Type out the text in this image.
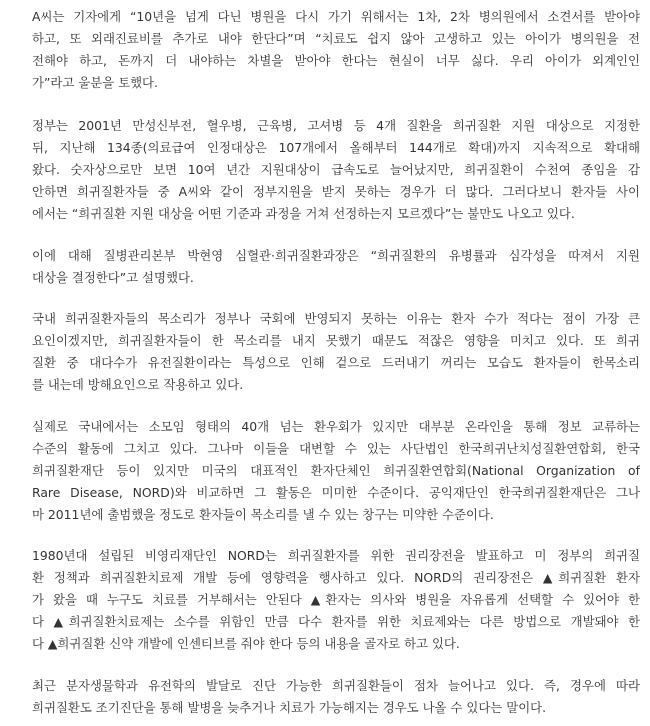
A씨는 기자에게 “10년을 넘게 다닌 병원을 다시 가기 위해서는 1차, 2차 병의원에서 소견서를 받아야
하고, 또 외래진료비를 추가로 내야 한단다”며 “치료도 쉽지 않아 고생하고 있는 아이가 병의원을 전
전해야 하고, 돈까지 더 내야하는 차별을 받아야 한다는 현실이 너무 싫다. 우리 아이가 외계인인
가”라고 울분을 토했다.
정부는 2001년 만성신부전, 혈우병, 근육병, 고셔병 등 4개 질환을 희귀질환 지원 대상으로 지정한
뒤, 지난해 134종(의료급여 인정대상은 107개에서 올해부터 144개로 확대)까지 지속적으로 확대해
왔다. 숫자상으로만 보면 10여 년간 지원대상이 급속도로 늘어났지만, 희귀질환이 수천여 종임을 감
안하면 희귀질환자들 중 A씨와 같이 정부지원을 받지 못하는 경우가 더 많다. 그러다보니 환자들 사이
에서는 “희귀질환 지원 대상을 어떤 기준과 과정을 거쳐 선정하는지 모르겠다”는 불만도 나오고 있다.
이에 대해 질병관리본부 박현영 심혈관·희귀질환과장은 “희귀질환의 유병률과 심각성을 따져서 지원
대상을 결정한다”고 설명했다.
국내 희귀질환자들의 목소리가 정부나 국회에 반영되지 못하는 이유는 환자 수가 적다는 점이 가장 큰
요인이겠지만, 희귀질환자들이 한 목소리를 내지 못했기 때문도 적잖은 영향을 미치고 있다. 또 희귀
질환 중 대다수가 유전질환이라는 특성으로 인해 겉으로 드러내기 꺼리는 모습도 환자들이 한목소리
를 내는데 방해요인으로 작용하고 있다.
실제로 국내에서는 소모임 형태의 40개 넘는 환우회가 있지만 대부분 온라인을 통해 정보 교류하는
수준의 활동에 그치고 있다. 그나마 이들을 대변할 수 있는 사단법인 한국희귀난치성질환연합회, 한국
희귀질환재단 등이 있지만 미국의 대표적인 환자단체인 희귀질환연합회(National Organization of
Rare Disease, NORD)와 비교하면 그 활동은 미미한 수준이다. 공익재단인 한국희귀질환재단은 그나
마 2011년에 출범했을 정도로 환자들이 목소리를 낼 수 있는 창구는 미약한 수준이다.
1980년대 설립된 비영리재단인 NORD는 희귀질환자를 위한 권리장전을 발표하고 미 정부의 희귀질
환 정책과 희귀질환치료제 개발 등에 영향력을 행사하고 있다. NORD의 권리장전은 ▲희귀질환 환자
가 왔을 때 누구도 치료를 거부해서는 안된다 ▲환자는 의사와 병원을 자유롭게 선택할 수 있어야 한
다 ▲희귀질환치료제는 소수를 위함인 만큼 다수 환자를 위한 치료제와는 다른 방법으로 개발돼야 한
다 ▲희귀질환 신약 개발에 인센티브를 줘야 한다 등의 내용을 골자로 하고 있다.
최근 분자생물학과 유전학의 발달로 진단 가능한 희귀질환들이 점차 늘어나고 있다. 즉, 경우에 따라
희귀질환도 조기진단을 통해 발병을 늦추거나 치료가 가능해지는 경우도 나올 수 있다는 말이다.
